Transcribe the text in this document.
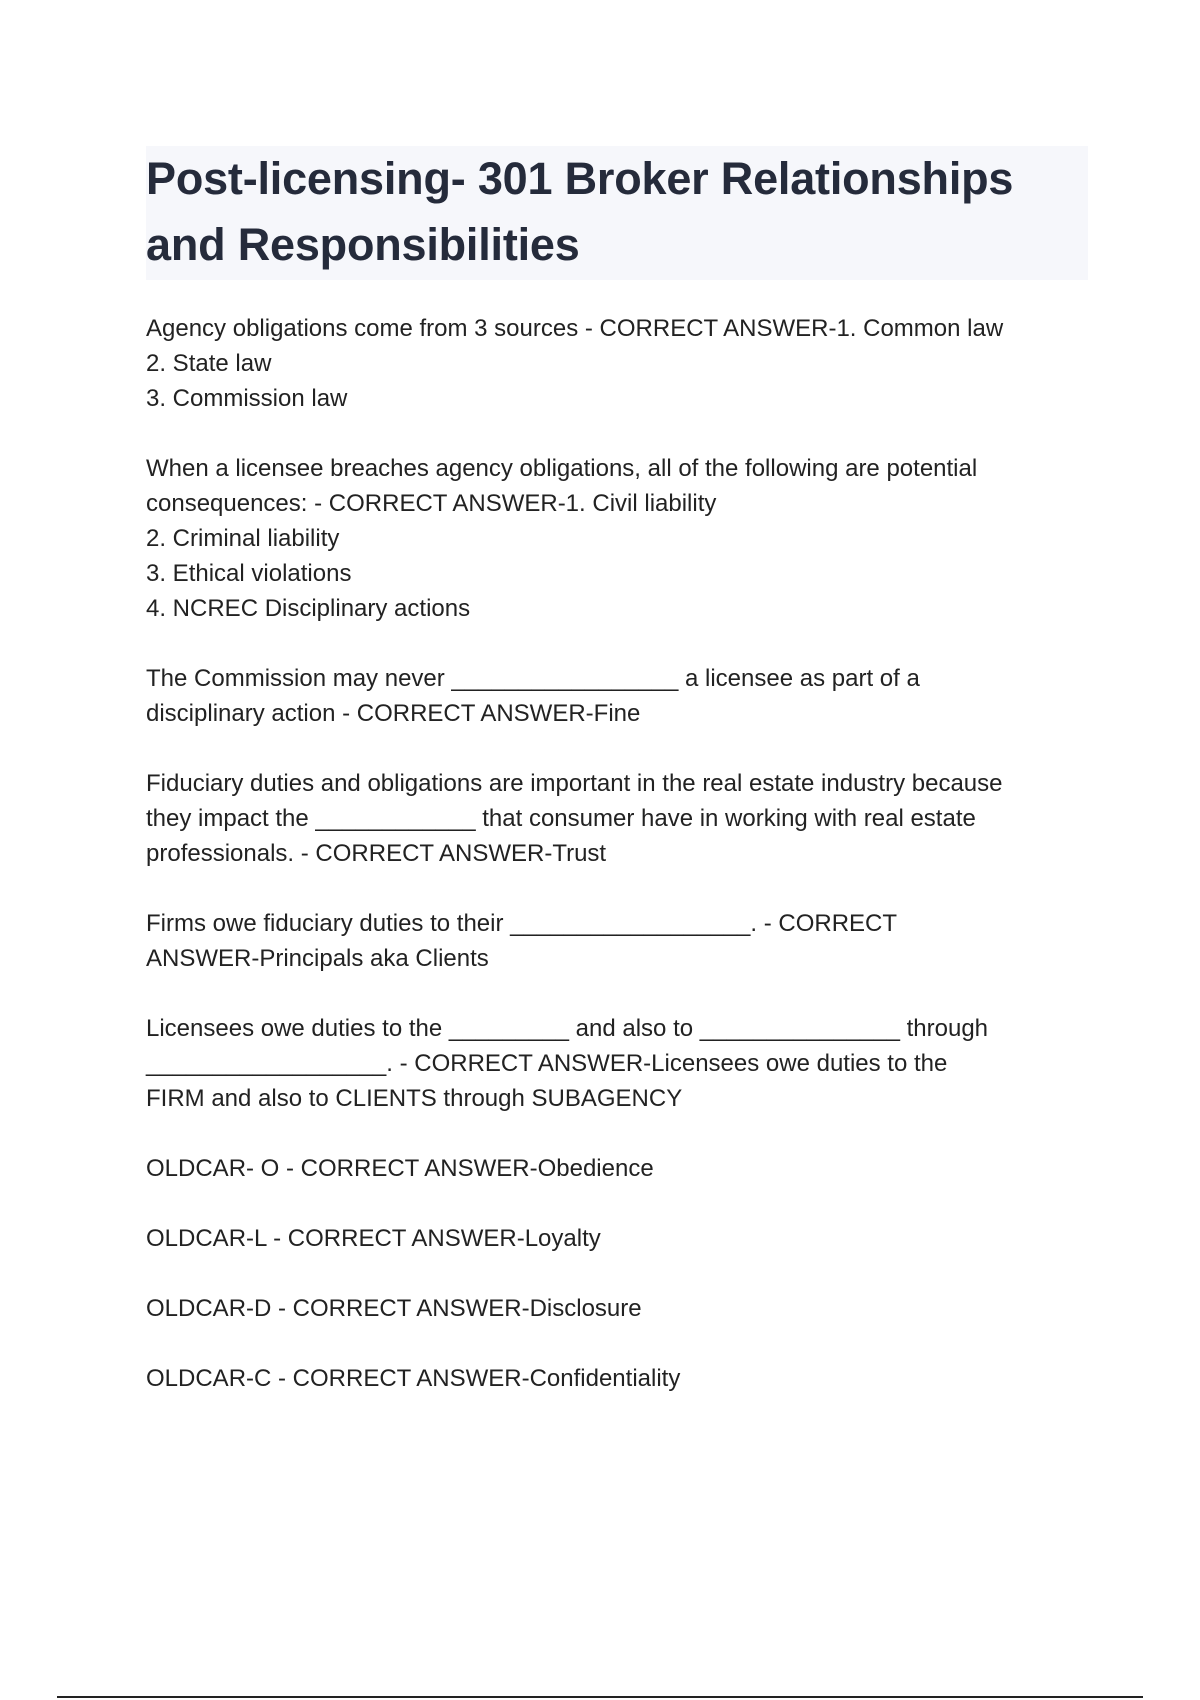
Post-licensing- 301 Broker Relationships
and Responsibilities

Agency obligations come from 3 sources - CORRECT ANSWER-1. Common law
2. State law
3. Commission law

When a licensee breaches agency obligations, all of the following are potential
consequences: - CORRECT ANSWER-1. Civil liability
2. Criminal liability
3. Ethical violations
4. NCREC Disciplinary actions

The Commission may never _________________ a licensee as part of a
disciplinary action - CORRECT ANSWER-Fine

Fiduciary duties and obligations are important in the real estate industry because
they impact the ____________ that consumer have in working with real estate
professionals. - CORRECT ANSWER-Trust

Firms owe fiduciary duties to their __________________. - CORRECT
ANSWER-Principals aka Clients

Licensees owe duties to the _________ and also to _______________ through
__________________. - CORRECT ANSWER-Licensees owe duties to the
FIRM and also to CLIENTS through SUBAGENCY

OLDCAR- O - CORRECT ANSWER-Obedience

OLDCAR-L - CORRECT ANSWER-Loyalty

OLDCAR-D - CORRECT ANSWER-Disclosure

OLDCAR-C - CORRECT ANSWER-Confidentiality
